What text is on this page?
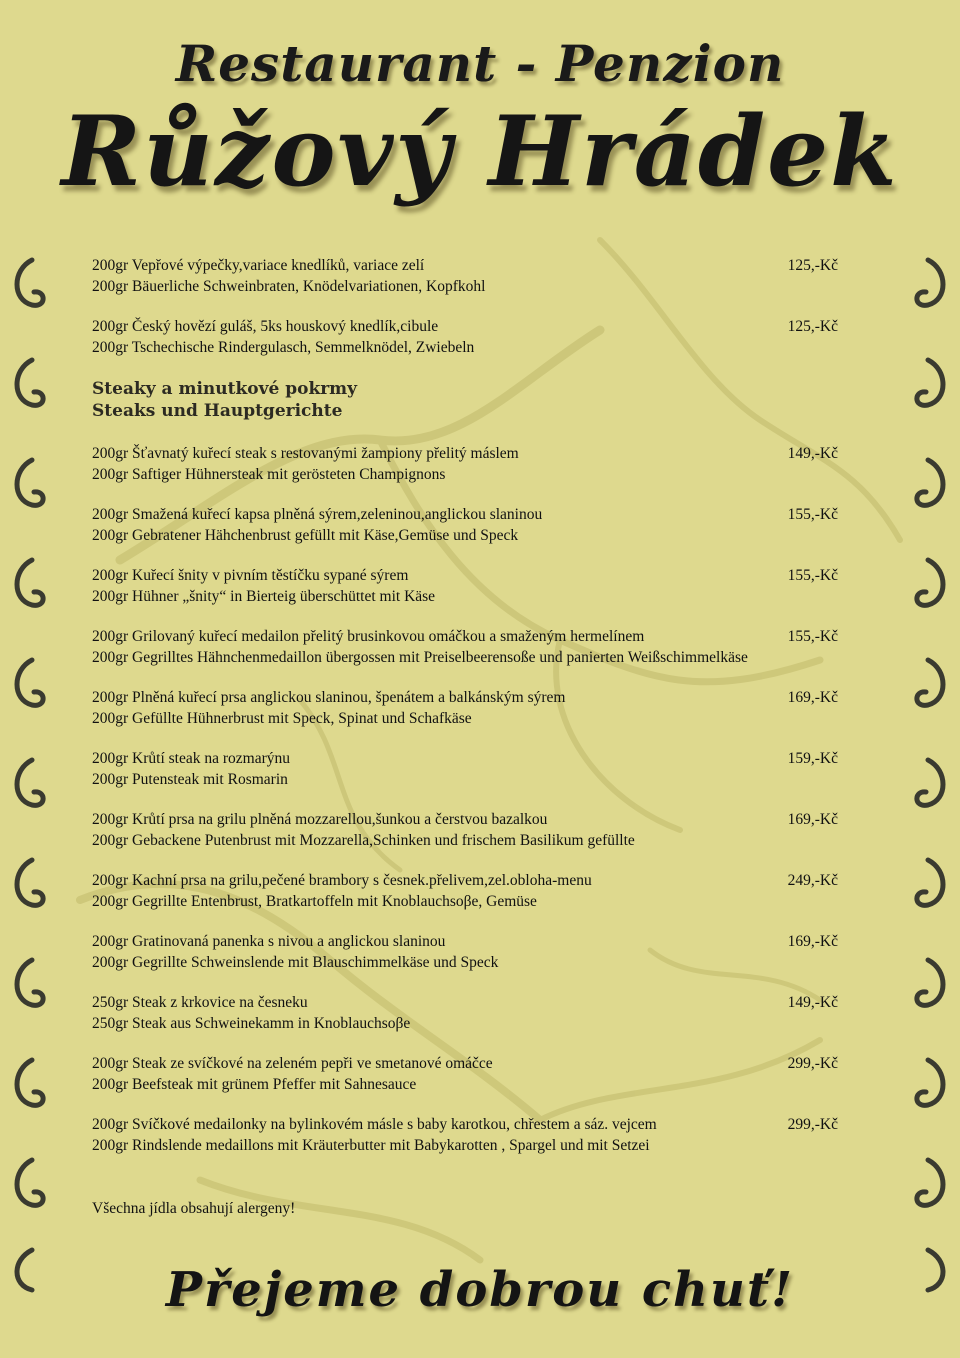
Restaurant - Penzion
Růžový Hrádek
200gr Vepřové výpečky,variace knedlíků, variace zelí	125,-Kč
200gr Bäuerliche Schweinbraten, Knödelvariationen, Kopfkohl
200gr Český hovězí guláš, 5ks houskový knedlík,cibule	125,-Kč
200gr Tschechische Rindergulasch, Semmelknödel, Zwiebeln
Steaky a minutkové pokrmy
Steaks und Hauptgerichte
200gr Šťavnatý kuřecí steak s restovanými žampiony přelitý máslem	149,-Kč
200gr Saftiger Hühnersteak mit gerösteten Champignons
200gr Smažená kuřecí kapsa plněná sýrem,zeleninou,anglickou slaninou	155,-Kč
200gr Gebratener Hähchenbrust gefüllt mit Käse,Gemüse und Speck
200gr Kuřecí šnity v pivním těstíčku sypané sýrem	155,-Kč
200gr Hühner „šnity“ in Bierteig überschüttet mit Käse
200gr Grilovaný kuřecí medailon přelitý brusinkovou omáčkou a smaženým hermelínem	155,-Kč
200gr Gegrilltes Hähnchenmedaillon übergossen mit Preiselbeerensoße und panierten Weißschimmelkäse
200gr Plněná kuřecí prsa anglickou slaninou, špenátem a balkánským sýrem	169,-Kč
200gr Gefüllte Hühnerbrust mit Speck, Spinat und Schafkäse
200gr Krůtí steak na rozmarýnu	159,-Kč
200gr Putensteak mit Rosmarin
200gr Krůtí prsa na grilu plněná mozzarellou,šunkou a čerstvou bazalkou	169,-Kč
200gr Gebackene Putenbrust mit Mozzarella,Schinken und frischem Basilikum gefüllte
200gr Kachní prsa na grilu,pečené brambory s česnek.přelivem,zel.obloha-menu	249,-Kč
200gr Gegrillte Entenbrust, Bratkartoffeln mit Knoblauchsoβe, Gemüse
200gr Gratinovaná panenka s nivou a anglickou slaninou	169,-Kč
200gr Gegrillte Schweinslende mit Blauschimmelkäse und Speck
250gr Steak z krkovice na česneku	149,-Kč
250gr Steak aus Schweinekamm in Knoblauchsoβe
200gr Steak ze svíčkové na zeleném pepři ve smetanové omáčce	299,-Kč
200gr Beefsteak mit grünem Pfeffer mit Sahnesauce
200gr Svíčkové medailonky na bylinkovém másle s baby karotkou, chřestem a sáz. vejcem	299,-Kč
200gr Rindslende medaillons mit Kräuterbutter mit Babykarotten , Spargel und mit Setzei
Všechna jídla obsahují alergeny!
Přejeme dobrou chuť!
